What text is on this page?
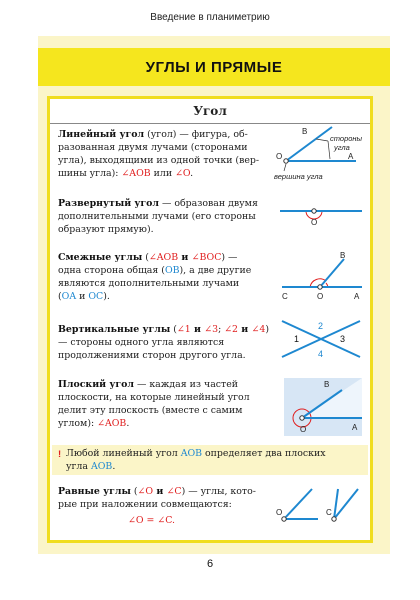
Введение в планиметрию
УГЛЫ И ПРЯМЫЕ
Угол
Линейный угол (угол) — фигура, об-
разованная двумя лучами (сторонами
угла), выходящими из одной точки (вер-
шины угла): ∠AOB или ∠O.
B
O	A
стороны
угла
вершина угла
Развернутый угол — образован двумя
дополнительными лучами (его стороны
образуют прямую).
O
Смежные углы (∠AOB и ∠BOC) —
одна сторона общая (OB), а две другие
являются дополнительными лучами
(OA и OC).
B
C	O	A
Вертикальные углы (∠1 и ∠3; ∠2 и ∠4) — стороны одного угла являются
продолжениями сторон другого угла.
1
2
3
4
Плоский угол — каждая из частей
плоскости, на которые линейный угол
делит эту плоскость (вместе с самим
углом): ∠AOB.
B
O	A
! Любой линейный угол AOB определяет два плоских
угла AOB.
Равные углы (∠O и ∠C) — углы, кото-
рые при наложении совмещаются:
∠O = ∠C.
O	C
6
